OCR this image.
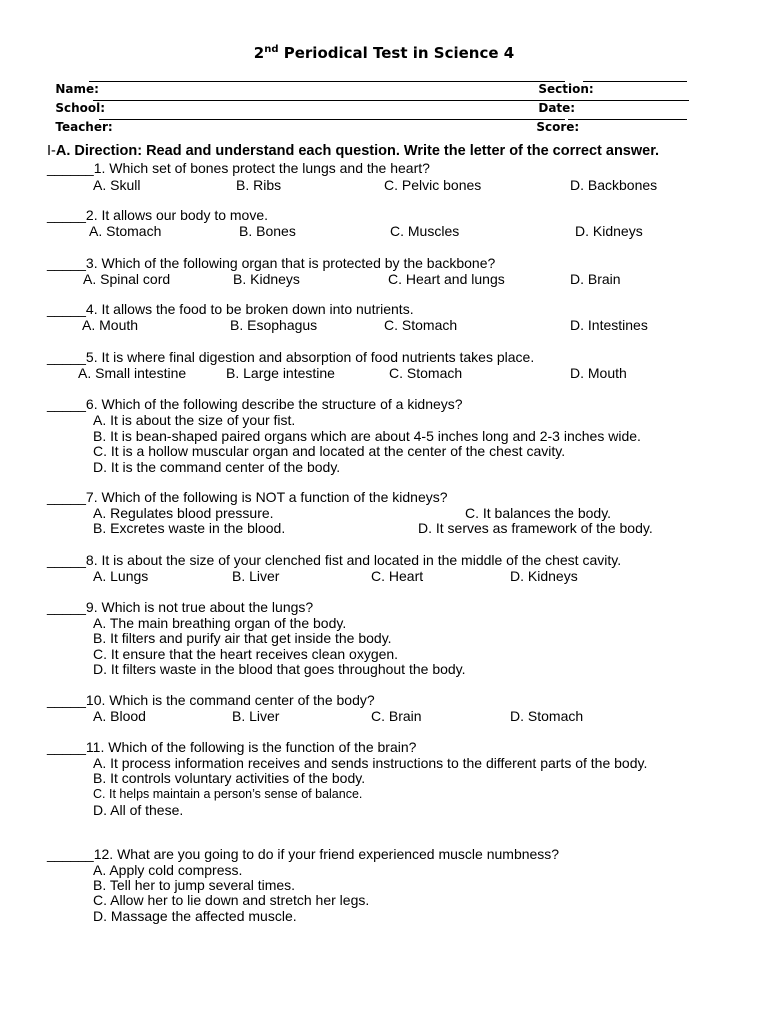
2nd Periodical Test in Science 4

Name:
	Section:

School:
	Date:

Teacher:
	Score:

I-A. Direction: Read and understand each question. Write the letter of the correct answer.
______1. Which set of bones protect the lungs and the heart?
A. Skull	B. Ribs	C. Pelvic bones	D. Backbones
_____2. It allows our body to move.
A. Stomach	B. Bones	C. Muscles	D. Kidneys
_____3. Which of the following organ that is protected by the backbone?
A. Spinal cord	B. Kidneys	C. Heart and lungs	D. Brain
_____4. It allows the food to be broken down into nutrients.
A. Mouth	B. Esophagus	C. Stomach	D. Intestines
_____5. It is where final digestion and absorption of food nutrients takes place.
A. Small intestine	B. Large intestine	C. Stomach	D. Mouth
_____6. Which of the following describe the structure of a kidneys?
A. It is about the size of your fist.
B. It is bean-shaped paired organs which are about 4-5 inches long and 2-3 inches wide.
C. It is a hollow muscular organ and located at the center of the chest cavity.
D. It is the command center of the body.
_____7. Which of the following is NOT a function of the kidneys?
A. Regulates blood pressure.	C. It balances the body.
B. Excretes waste in the blood.	D. It serves as framework of the body.
_____8. It is about the size of your clenched fist and located in the middle of the chest cavity.
A. Lungs	B. Liver	C. Heart	D. Kidneys
_____9. Which is not true about the lungs?
A. The main breathing organ of the body.
B. It filters and purify air that get inside the body.
C. It ensure that the heart receives clean oxygen.
D. It filters waste in the blood that goes throughout the body.
_____10. Which is the command center of the body?
A. Blood	B. Liver	C. Brain	D. Stomach
_____11. Which of the following is the function of the brain?
A. It process information receives and sends instructions to the different parts of the body.
B. It controls voluntary activities of the body.
C. It helps maintain a person’s sense of balance.
D. All of these.
______12. What are you going to do if your friend experienced muscle numbness?
A. Apply cold compress.
B. Tell her to jump several times.
C. Allow her to lie down and stretch her legs.
D. Massage the affected muscle.
